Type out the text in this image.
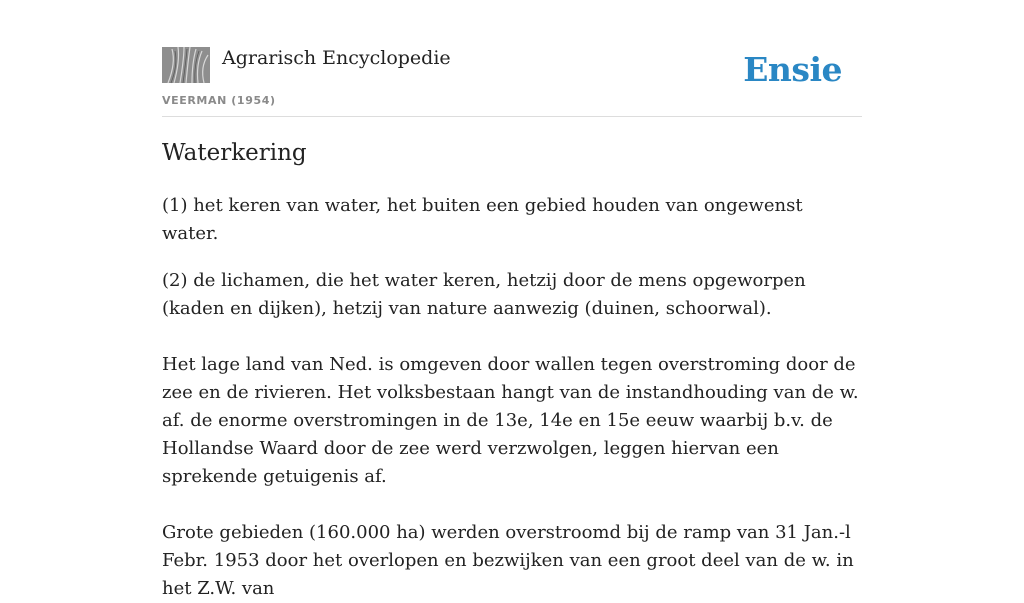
Agrarisch Encyclopedie
VEERMAN (1954)
Ensie
Waterkering

(1) het keren van water, het buiten een gebied houden van ongewenst water.

(2) de lichamen, die het water keren, hetzij door de mens opgeworpen (kaden en dijken), hetzij van nature aanwezig (duinen, schoorwal).

Het lage land van Ned. is omgeven door wallen tegen overstroming door de zee en de rivieren. Het volksbestaan hangt van de instandhouding van de w. af. de enorme overstromingen in de 13e, 14e en 15e eeuw waarbij b.v. de Hollandse Waard door de zee werd verzwolgen, leggen hiervan een sprekende getuigenis af.

Grote gebieden (160.000 ha) werden overstroomd bij de ramp van 31 Jan.-l Febr. 1953 door het overlopen en bezwijken van een groot deel van de w. in het Z.W. van
